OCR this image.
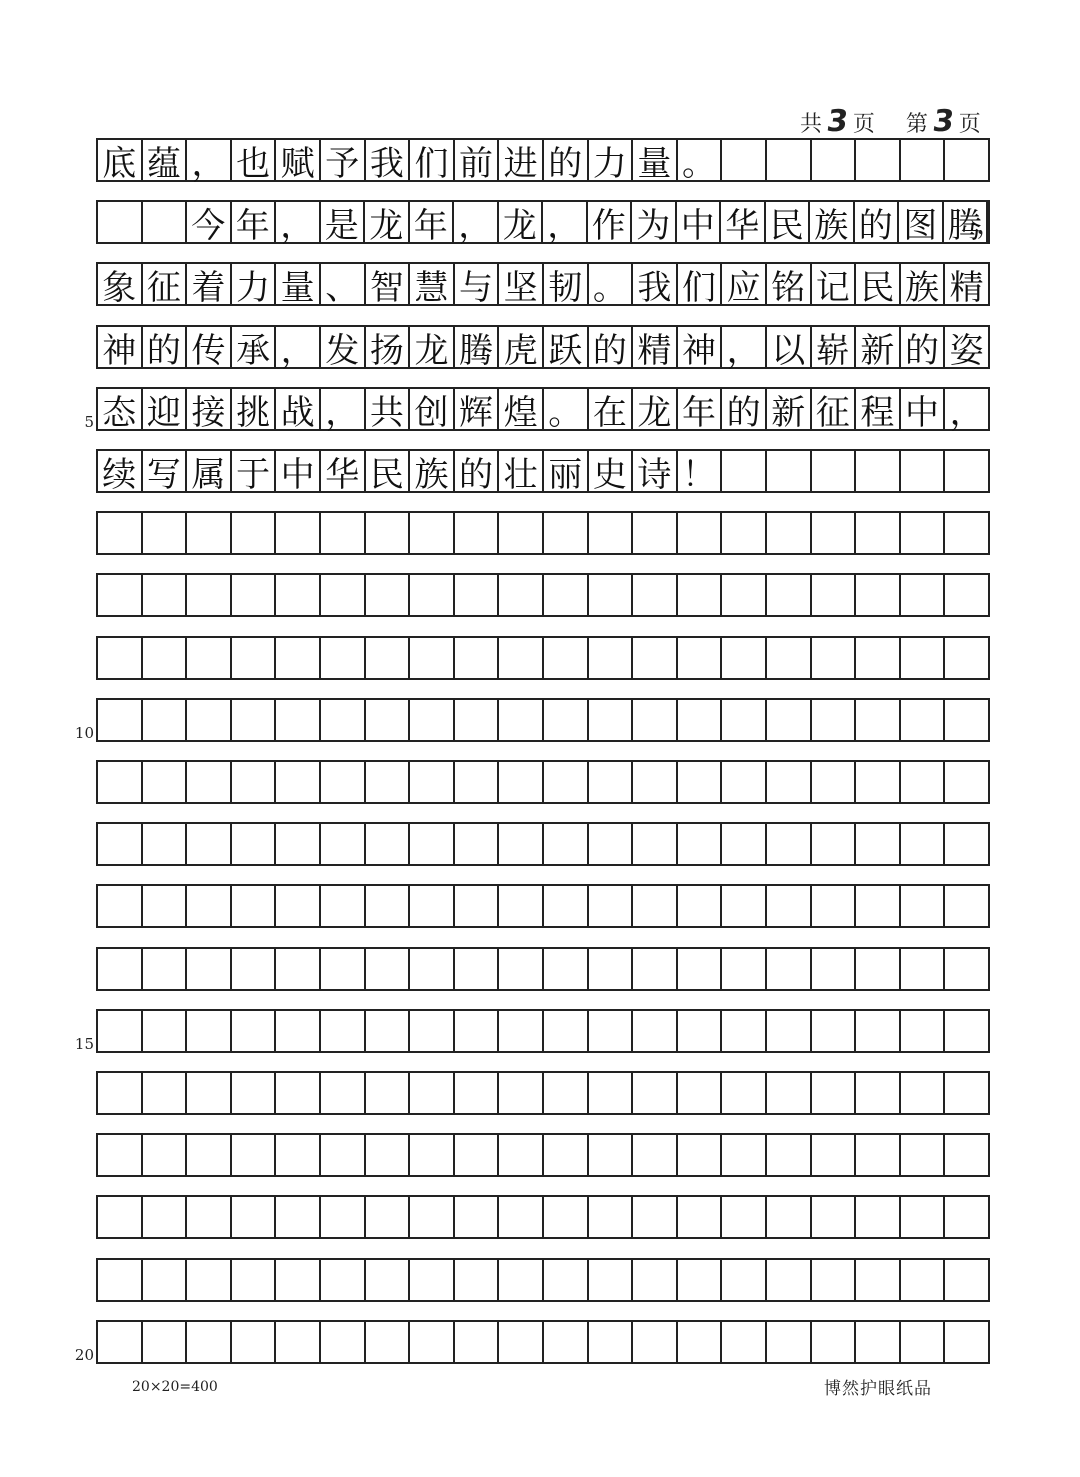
共3页 第3页
底 蕴 ， 也 赋 予 我 们 前 进 的 力 量 。
今 年 ， 是 龙 年 ， 龙 ， 作 为 中 华 民 族 的 图 腾
，
象 征 着 力 量 、 智 慧 与 坚 韧 。 我 们 应 铭 记 民 族 精
神 的 传 承 ， 发 扬 龙 腾 虎 跃 的 精 神 ， 以 崭 新 的 姿
态 迎 接 挑 战 ， 共 创 辉 煌 。 在 龙 年 的 新 征 程 中 ，
续 写 属 于 中 华 民 族 的 壮 丽 史 诗 ！
5
10
15
20
20×20=400	博然护眼纸品
